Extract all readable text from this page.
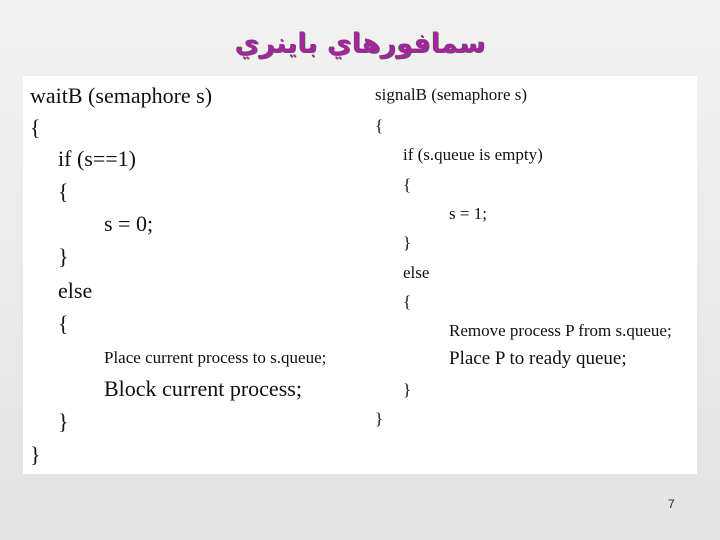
سمافورهاي باينري
waitB (semaphore s)
{
if (s==1)
{
s = 0;
}
else
{
Place current process to s.queue;
Block current process;
}
}
signalB (semaphore s)
{
if (s.queue is empty)
{
s = 1;
}
else
{
Remove process P from s.queue;
Place P to ready queue;
}
}
7
